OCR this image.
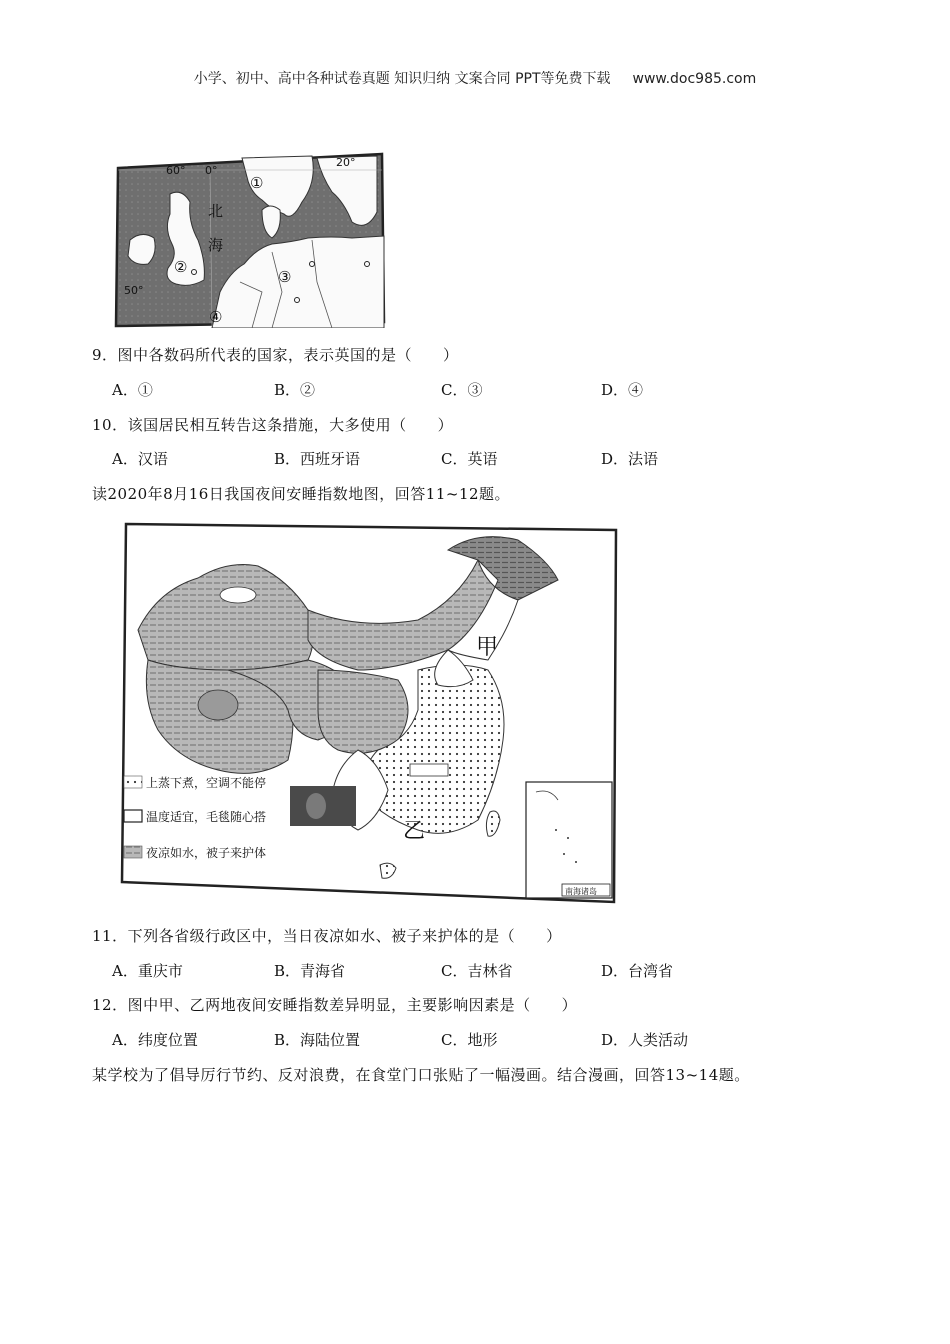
小学、初中、高中各种试卷真题 知识归纳 文案合同 PPT等免费下载 www.doc985.com
60° 0°
20°
50°
北
海
①
②
③
④
9．图中各数码所代表的国家，表示英国的是（　　）
A．①	B．②	C．③	D．④
10．该国居民相互转告这条措施，大多使用（　　）
A．汉语	B．西班牙语	C．英语	D．法语
读2020年8月16日我国夜间安睡指数地图，回答11~12题。
南海诸岛
甲
乙
上蒸下煮，空调不能停
温度适宜，毛毯随心搭
夜凉如水，被子来护体
11．下列各省级行政区中，当日夜凉如水、被子来护体的是（　　）
A．重庆市	B．青海省	C．吉林省	D．台湾省
12．图中甲、乙两地夜间安睡指数差异明显，主要影响因素是（　　）
A．纬度位置	B．海陆位置	C．地形	D．人类活动
某学校为了倡导厉行节约、反对浪费，在食堂门口张贴了一幅漫画。结合漫画，回答13~14题。
